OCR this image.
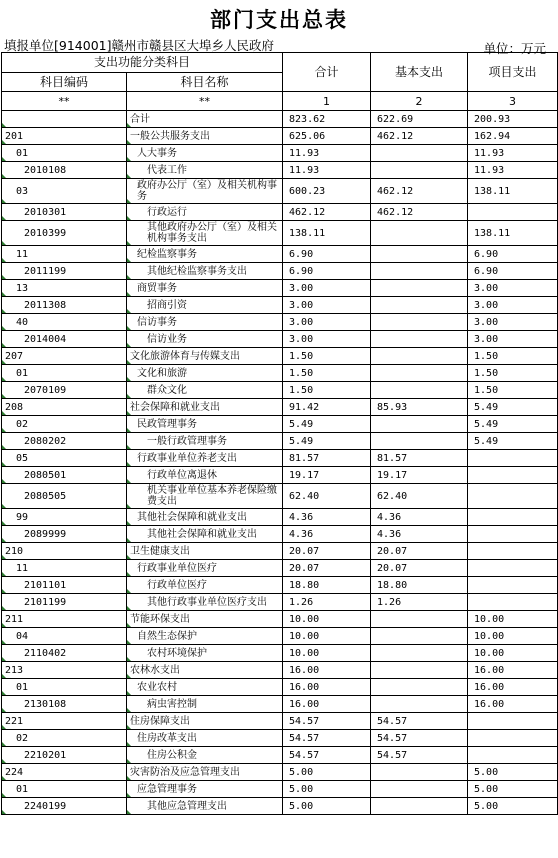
部门支出总表
填报单位[914001]赣州市赣县区大埠乡人民政府	单位：万元
支出功能分类科目		合计	基本支出	项目支出
科目编码	科目名称			
**	**	1	2	3
	合计	823.62	622.69	200.93
201	一般公共服务支出	625.06	462.12	162.94
01	人大事务	11.93		11.93
2010108	代表工作	11.93		11.93
03	政府办公厅（室）及相关机构事务	600.23	462.12	138.11
2010301	行政运行	462.12	462.12	
2010399	其他政府办公厅（室）及相关机构事务支出	138.11		138.11
11	纪检监察事务	6.90		6.90
2011199	其他纪检监察事务支出	6.90		6.90
13	商贸事务	3.00		3.00
2011308	招商引资	3.00		3.00
40	信访事务	3.00		3.00
2014004	信访业务	3.00		3.00
207	文化旅游体育与传媒支出	1.50		1.50
01	文化和旅游	1.50		1.50
2070109	群众文化	1.50		1.50
208	社会保障和就业支出	91.42	85.93	5.49
02	民政管理事务	5.49		5.49
2080202	一般行政管理事务	5.49		5.49
05	行政事业单位养老支出	81.57	81.57	
2080501	行政单位离退休	19.17	19.17	
2080505	机关事业单位基本养老保险缴费支出	62.40	62.40	
99	其他社会保障和就业支出	4.36	4.36	
2089999	其他社会保障和就业支出	4.36	4.36	
210	卫生健康支出	20.07	20.07	
11	行政事业单位医疗	20.07	20.07	
2101101	行政单位医疗	18.80	18.80	
2101199	其他行政事业单位医疗支出	1.26	1.26	
211	节能环保支出	10.00		10.00
04	自然生态保护	10.00		10.00
2110402	农村环境保护	10.00		10.00
213	农林水支出	16.00		16.00
01	农业农村	16.00		16.00
2130108	病虫害控制	16.00		16.00
221	住房保障支出	54.57	54.57	
02	住房改革支出	54.57	54.57	
2210201	住房公积金	54.57	54.57	
224	灾害防治及应急管理支出	5.00		5.00
01	应急管理事务	5.00		5.00
2240199	其他应急管理支出	5.00		5.00
